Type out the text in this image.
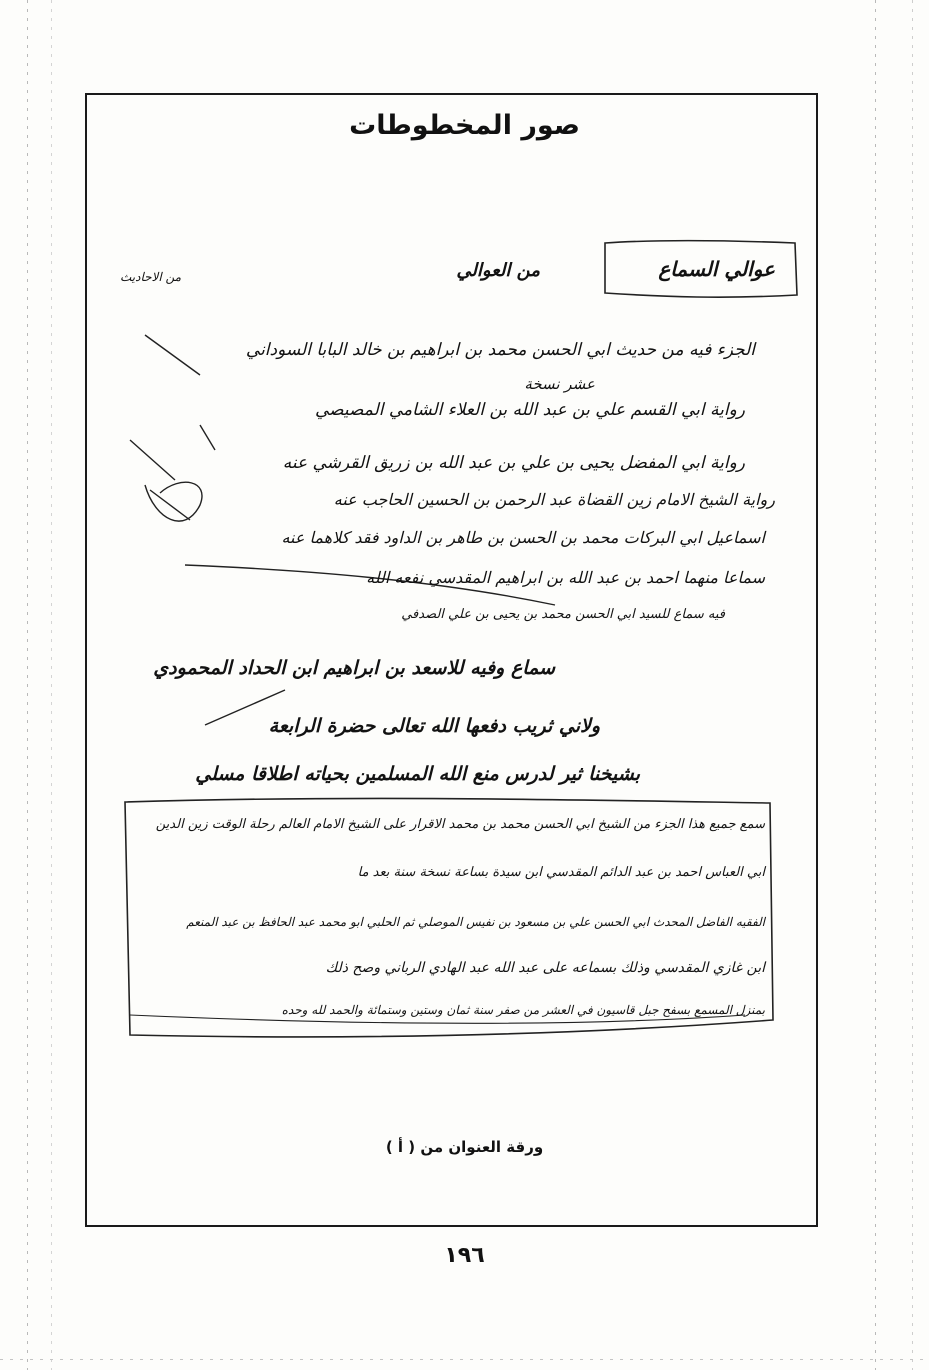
صور المخطوطات
عوالي السماع
من العوالي
من الاحاديث
الجزء فيه من حديث ابي الحسن محمد بن ابراهيم بن خالد البابا السوداني
عشر نسخة
رواية ابي القسم علي بن عبد الله بن العلاء الشامي المصيصي
رواية ابي المفضل يحيى بن علي بن عبد الله بن زريق القرشي عنه
رواية الشيخ الامام زين القضاة عبد الرحمن بن الحسين الحاجب عنه
اسماعيل ابي البركات محمد بن الحسن بن طاهر بن الداود فقد كلاهما عنه
سماعا منهما احمد بن عبد الله بن ابراهيم المقدسي نفعه الله
فيه سماع للسيد ابي الحسن محمد بن يحيى بن علي الصدفي
سماع وفيه للاسعد بن ابراهيم ابن الحداد المحمودي
ولاني ثريب دفعها الله تعالى حضرة الرابعة
بشيخنا ثير لدرس منع الله المسلمين بحياته اطلاقا مسلي
سمع جميع هذا الجزء من الشيخ ابي الحسن محمد بن محمد الاقرار على الشيخ الامام العالم رحلة الوقت زين الدين
ابي العباس احمد بن عبد الدائم المقدسي ابن سيدة بساعة نسخة سنة بعد ما
الفقيه الفاضل المحدث ابي الحسن علي بن مسعود بن نفيس الموصلي ثم الحلبي ابو محمد عبد الحافظ بن عبد المنعم
ابن غازي المقدسي وذلك بسماعه على عبد الله عبد الهادي الرباني وصح ذلك
بمنزل المسمع بسفح جبل قاسيون في العشر من صفر سنة ثمان وستين وستمائة والحمد لله وحده
ورقة العنوان من ( أ )
١٩٦
